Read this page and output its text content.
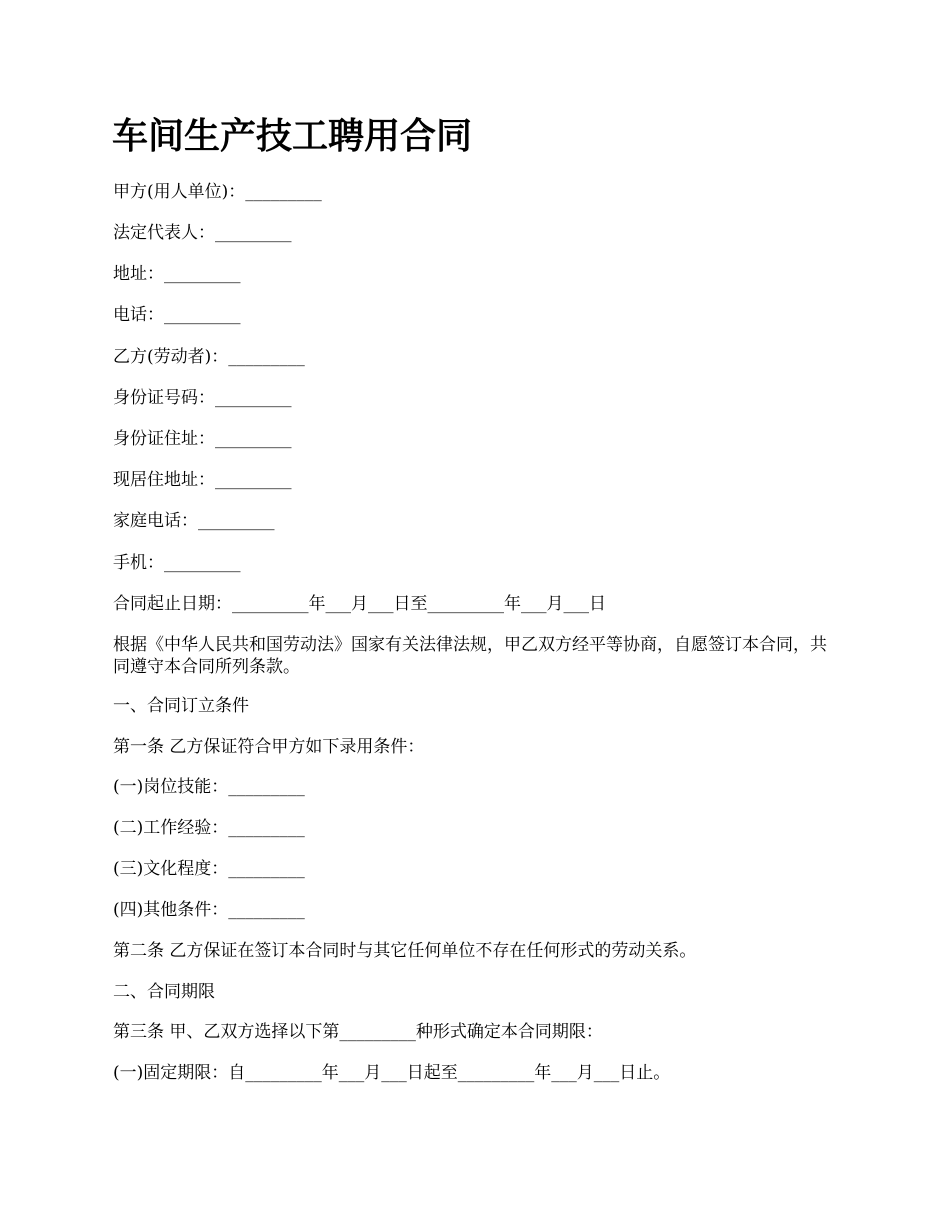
车间生产技工聘用合同

甲方(用人单位)：_________

法定代表人：_________

地址：_________

电话：_________

乙方(劳动者)：_________

身份证号码：_________

身份证住址：_________

现居住地址：_________

家庭电话：_________

手机：_________

合同起止日期：_________年___月___日至_________年___月___日

根据《中华人民共和国劳动法》国家有关法律法规，甲乙双方经平等协商，自愿签订本合同，共同遵守本合同所列条款。

一、合同订立条件

第一条 乙方保证符合甲方如下录用条件：

(一)岗位技能：_________

(二)工作经验：_________

(三)文化程度：_________

(四)其他条件：_________

第二条 乙方保证在签订本合同时与其它任何单位不存在任何形式的劳动关系。

二、合同期限

第三条 甲、乙双方选择以下第_________种形式确定本合同期限：

(一)固定期限：自_________年___月___日起至_________年___月___日止。
